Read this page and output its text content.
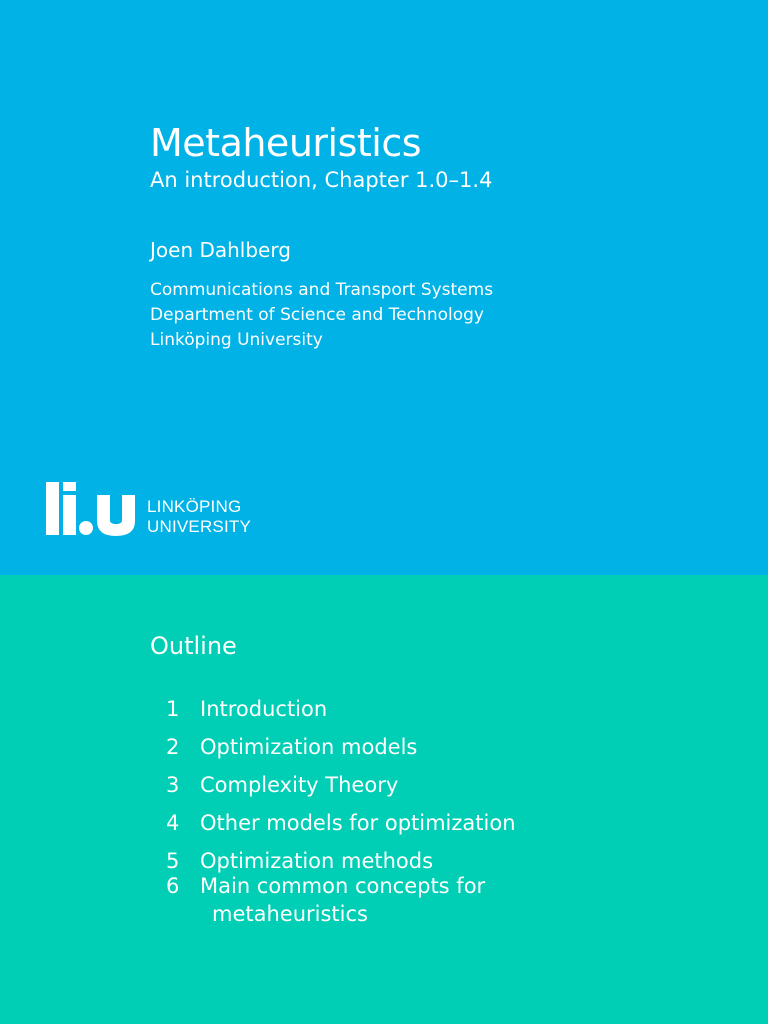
Metaheuristics
An introduction, Chapter 1.0–1.4
Joen Dahlberg
Communications and Transport Systems
Department of Science and Technology
Linköping University
LINKÖPING
UNIVERSITY
Outline
1 Introduction
2 Optimization models
3 Complexity Theory
4 Other models for optimization
5 Optimization methods
6 Main common concepts for
metaheuristics
